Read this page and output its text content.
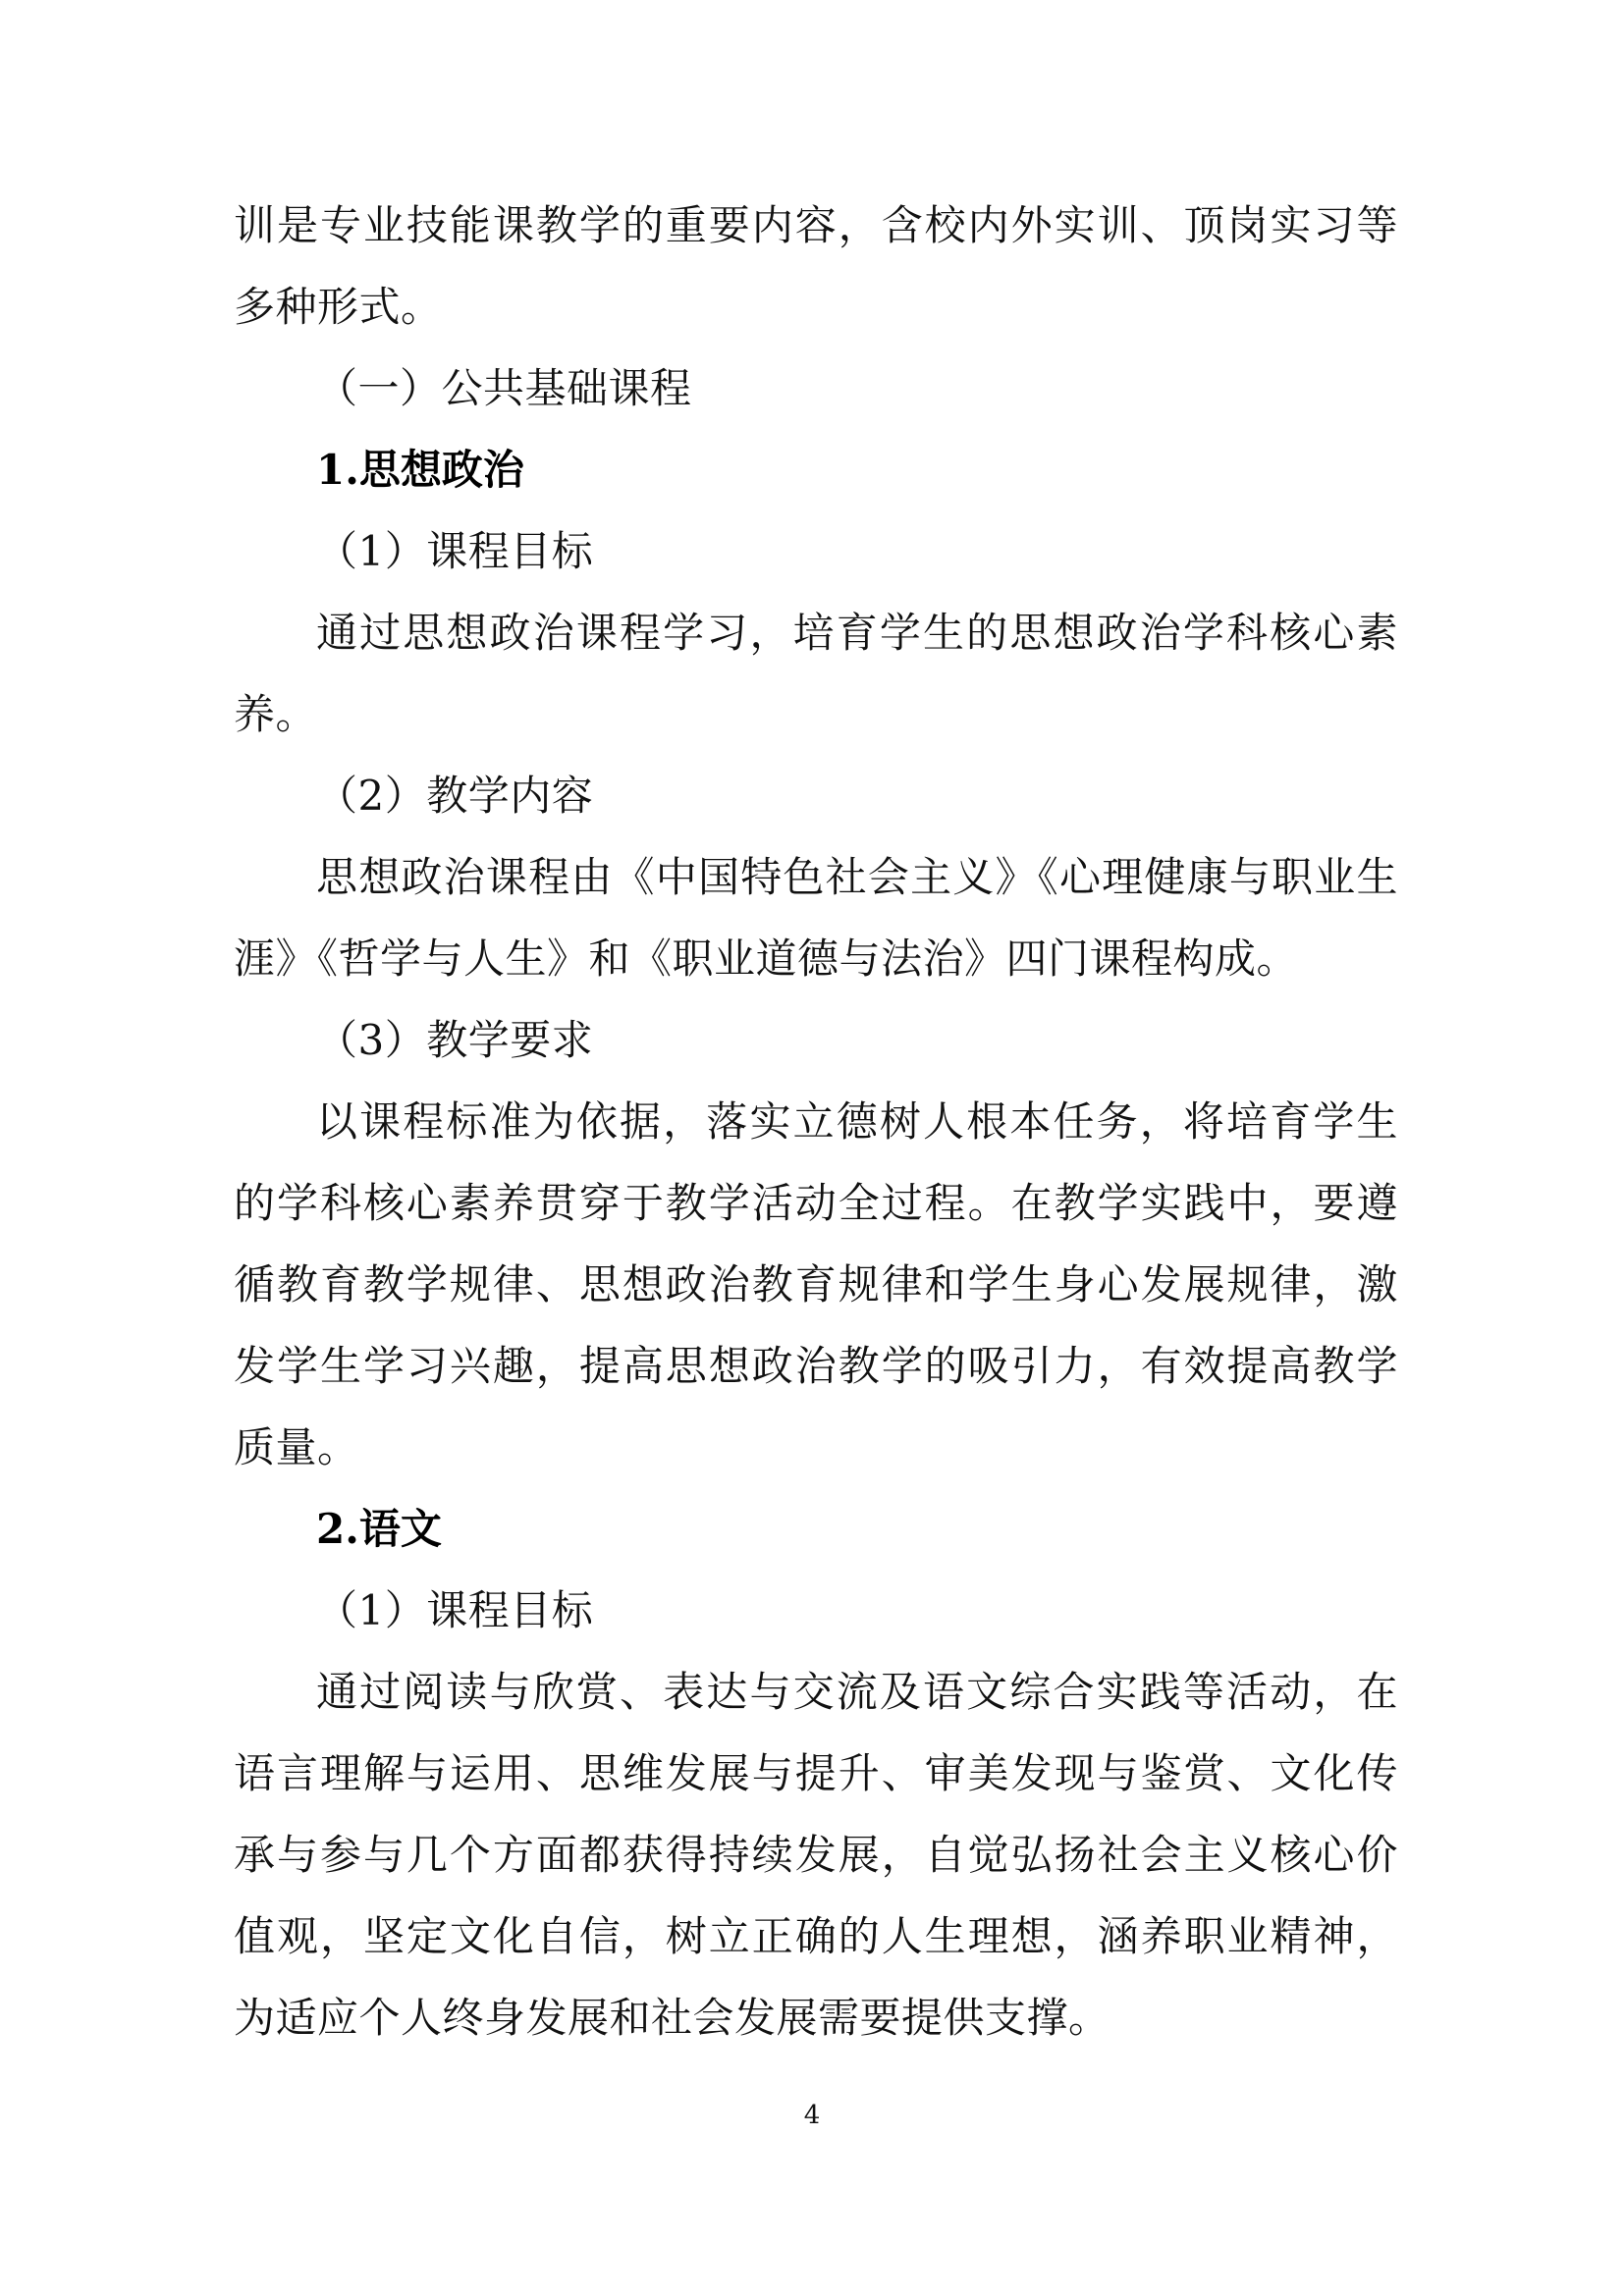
训是专业技能课教学的重要内容，含校内外实训、顶岗实习等多种形式。

（一）公共基础课程

1.思想政治

（1）课程目标

通过思想政治课程学习，培育学生的思想政治学科核心素养。

（2）教学内容

思想政治课程由《中国特色社会主义》《心理健康与职业生涯》《哲学与人生》和《职业道德与法治》四门课程构成。

（3）教学要求

以课程标准为依据，落实立德树人根本任务，将培育学生的学科核心素养贯穿于教学活动全过程。在教学实践中，要遵循教育教学规律、思想政治教育规律和学生身心发展规律，激发学生学习兴趣，提高思想政治教学的吸引力，有效提高教学质量。

2.语文

（1）课程目标

通过阅读与欣赏、表达与交流及语文综合实践等活动，在语言理解与运用、思维发展与提升、审美发现与鉴赏、文化传承与参与几个方面都获得持续发展，自觉弘扬社会主义核心价值观，坚定文化自信，树立正确的人生理想，涵养职业精神，为适应个人终身发展和社会发展需要提供支撑。

4
